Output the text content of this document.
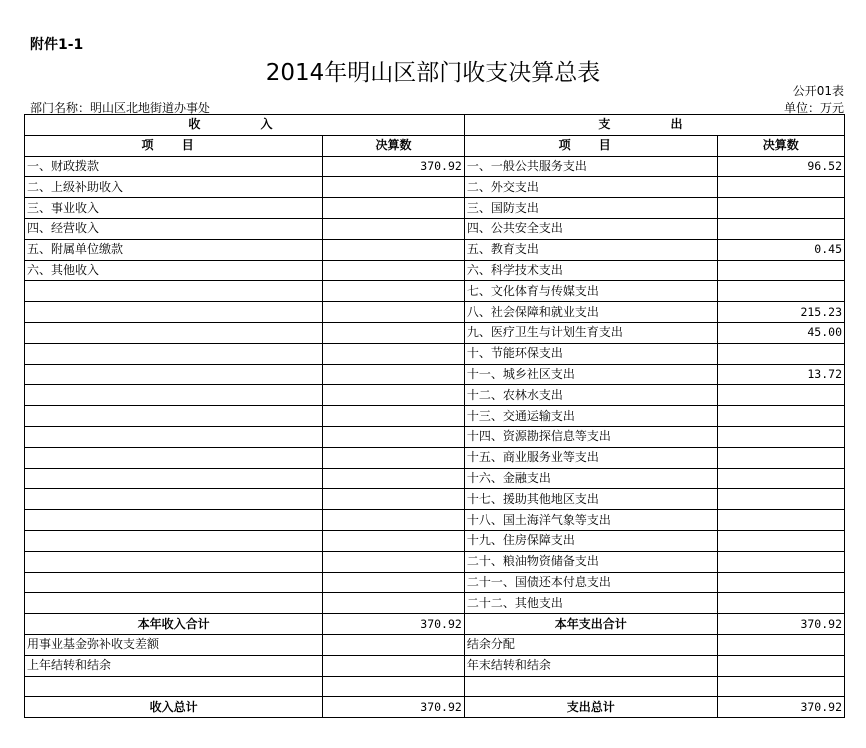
附件1-1
2014年明山区部门收支决算总表
公开01表
部门名称：明山区北地街道办事处	单位：万元
收 入		支 出	
项 目	决算数	项 目	决算数
一、财政拨款	370.92	一、一般公共服务支出	96.52
二、上级补助收入		二、外交支出	
三、事业收入		三、国防支出	
四、经营收入		四、公共安全支出	
五、附属单位缴款		五、教育支出	0.45
六、其他收入		六、科学技术支出	
		七、文化体育与传媒支出	
		八、社会保障和就业支出	215.23
		九、医疗卫生与计划生育支出	45.00
		十、节能环保支出	
		十一、城乡社区支出	13.72
		十二、农林水支出	
		十三、交通运输支出	
		十四、资源勘探信息等支出	
		十五、商业服务业等支出	
		十六、金融支出	
		十七、援助其他地区支出	
		十八、国土海洋气象等支出	
		十九、住房保障支出	
		二十、粮油物资储备支出	
		二十一、国债还本付息支出	
		二十二、其他支出	
本年收入合计	370.92	本年支出合计	370.92
用事业基金弥补收支差额		结余分配	
上年结转和结余		年末结转和结余	

收入总计	370.92	支出总计	370.92
